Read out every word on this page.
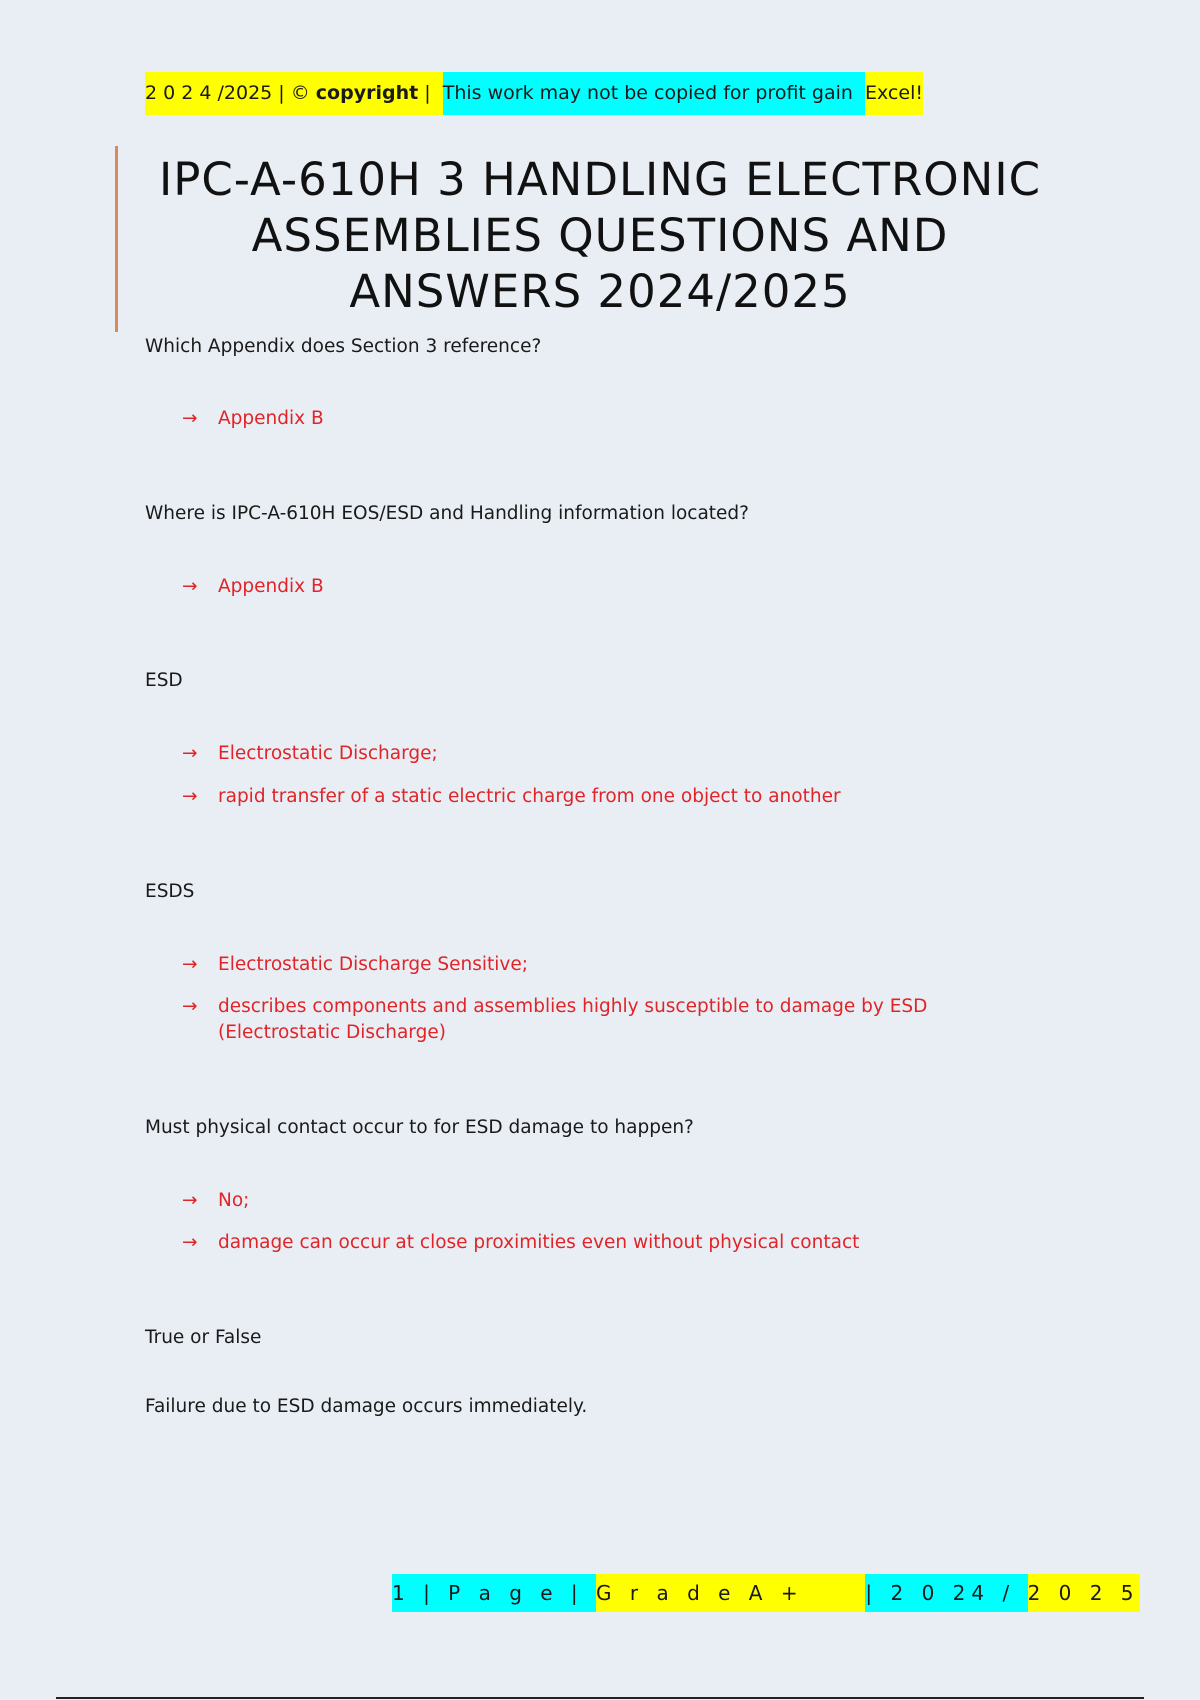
2 0 2 4 /2025 | © copyright | This work may not be copied for profit gain Excel!
IPC-A-610H 3 HANDLING ELECTRONIC ASSEMBLIES QUESTIONS AND ANSWERS 2024/2025
Which Appendix does Section 3 reference?
→	Appendix B
Where is IPC-A-610H EOS/ESD and Handling information located?
→	Appendix B
ESD
→	Electrostatic Discharge;
→	rapid transfer of a static electric charge from one object to another
ESDS
→	Electrostatic Discharge Sensitive;
→	describes components and assemblies highly susceptible to damage by ESD (Electrostatic Discharge)
Must physical contact occur to for ESD damage to happen?
→	No;
→	damage can occur at close proximities even without physical contact
True or False
Failure due to ESD damage occurs immediately.
1 | P a g e | G r a d e A + | 2 0 24 / 2 0 2 5
